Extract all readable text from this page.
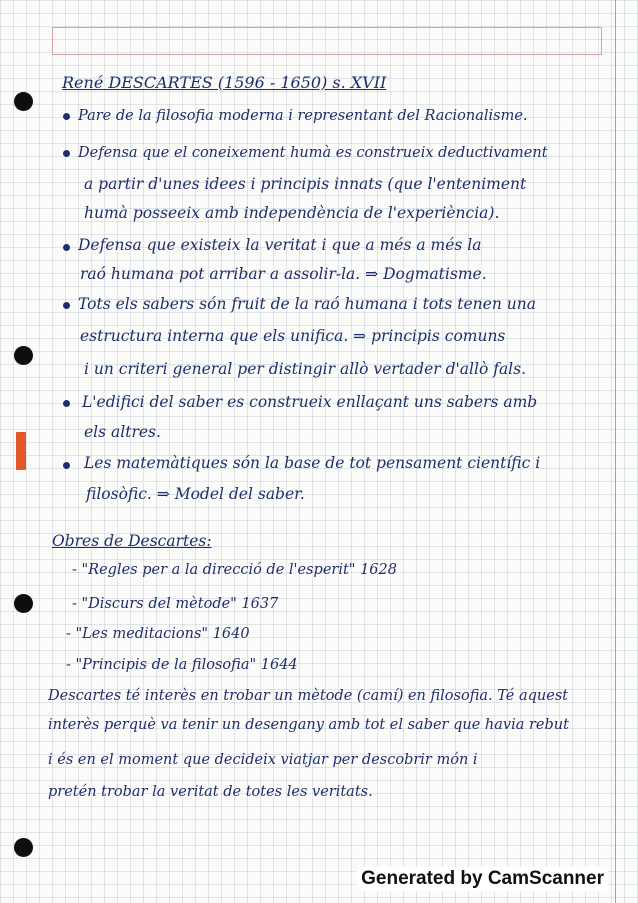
René DESCARTES (1596 - 1650) s. XVII
Pare de la filosofia moderna i representant del Racionalisme.
Defensa que el coneixement humà es construeix deductivament
a partir d'unes idees i principis innats (que l'enteniment
humà posseeix amb independència de l'experiència).
Defensa que existeix la veritat i que a més a més la
raó humana pot arribar a assolir-la. ⇒ Dogmatisme.
Tots els sabers són fruit de la raó humana i tots tenen una
estructura interna que els unifica. ⇒ principis comuns
i un criteri general per distingir allò vertader d'allò fals.
L'edifici del saber es construeix enllaçant uns sabers amb
els altres.
Les matemàtiques són la base de tot pensament científic i
filosòfic. ⇒ Model del saber.
Obres de Descartes:
- "Regles per a la direcció de l'esperit" 1628
- "Discurs del mètode" 1637
- "Les meditacions" 1640
- "Principis de la filosofia" 1644
Descartes té interès en trobar un mètode (camí) en filosofia. Té aquest
interès perquè va tenir un desengany amb tot el saber que havia rebut
i és en el moment que decideix viatjar per descobrir món i
pretén trobar la veritat de totes les veritats.
Generated by CamScanner
